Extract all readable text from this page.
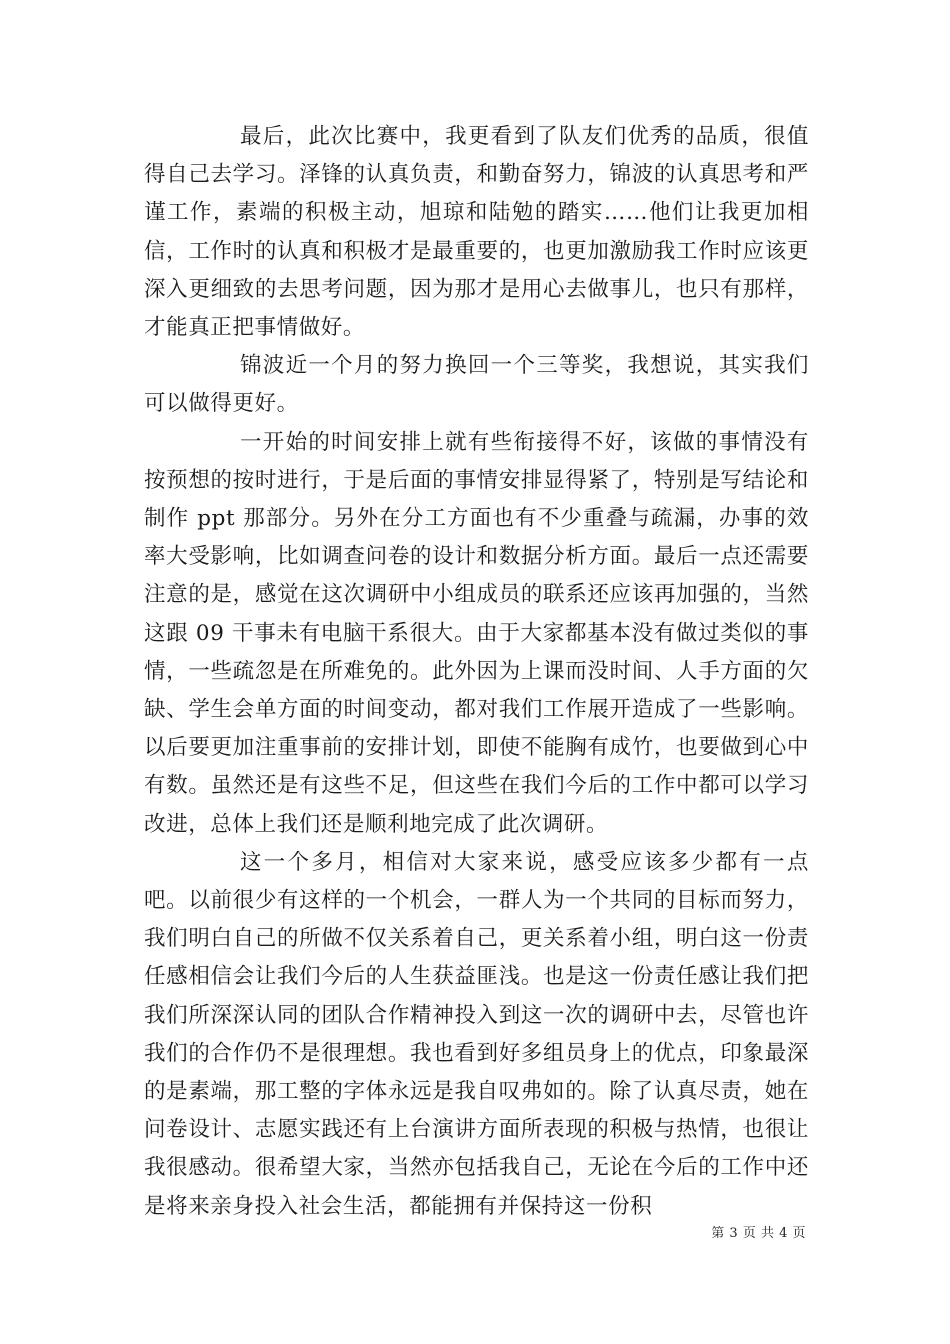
最后，此次比赛中，我更看到了队友们优秀的品质，很值得自己去学习。泽锋的认真负责，和勤奋努力，锦波的认真思考和严谨工作，素端的积极主动，旭琼和陆勉的踏实……他们让我更加相信，工作时的认真和积极才是最重要的，也更加激励我工作时应该更深入更细致的去思考问题，因为那才是用心去做事儿，也只有那样，才能真正把事情做好。

锦波近一个月的努力换回一个三等奖，我想说，其实我们可以做得更好。

一开始的时间安排上就有些衔接得不好，该做的事情没有按预想的按时进行，于是后面的事情安排显得紧了，特别是写结论和制作 ppt 那部分。另外在分工方面也有不少重叠与疏漏，办事的效率大受影响，比如调查问卷的设计和数据分析方面。最后一点还需要注意的是，感觉在这次调研中小组成员的联系还应该再加强的，当然这跟 09 干事未有电脑干系很大。由于大家都基本没有做过类似的事情，一些疏忽是在所难免的。此外因为上课而没时间、人手方面的欠缺、学生会单方面的时间变动，都对我们工作展开造成了一些影响。以后要更加注重事前的安排计划，即使不能胸有成竹，也要做到心中有数。虽然还是有这些不足，但这些在我们今后的工作中都可以学习改进，总体上我们还是顺利地完成了此次调研。

这一个多月，相信对大家来说，感受应该多少都有一点吧。以前很少有这样的一个机会，一群人为一个共同的目标而努力，我们明白自己的所做不仅关系着自己，更关系着小组，明白这一份责任感相信会让我们今后的人生获益匪浅。也是这一份责任感让我们把我们所深深认同的团队合作精神投入到这一次的调研中去，尽管也许我们的合作仍不是很理想。我也看到好多组员身上的优点，印象最深的是素端，那工整的字体永远是我自叹弗如的。除了认真尽责，她在问卷设计、志愿实践还有上台演讲方面所表现的积极与热情，也很让我很感动。很希望大家，当然亦包括我自己，无论在今后的工作中还是将来亲身投入社会生活，都能拥有并保持这一份积

第 3 页 共 4 页
